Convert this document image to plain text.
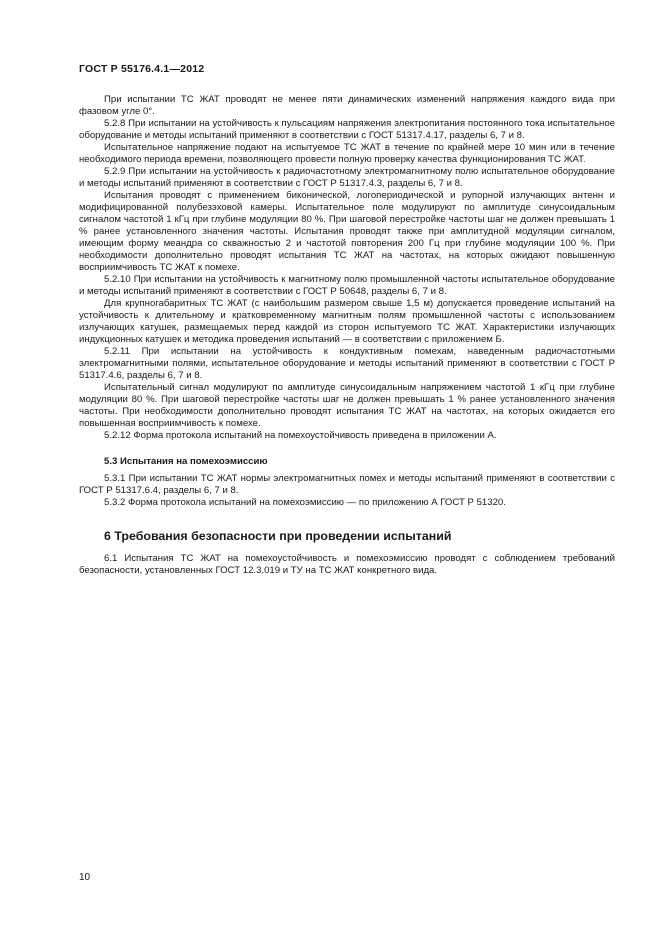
ГОСТ Р 55176.4.1—2012

При испытании ТС ЖАТ проводят не менее пяти динамических изменений напряжения каждого вида при фазовом угле 0°.

5.2.8 При испытании на устойчивость к пульсациям напряжения электропитания постоянного тока испытательное оборудование и методы испытаний применяют в соответствии с ГОСТ 51317.4.17, разделы 6, 7 и 8.

Испытательное напряжение подают на испытуемое ТС ЖАТ в течение по крайней мере 10 мин или в течение необходимого периода времени, позволяющего провести полную проверку качества функционирования ТС ЖАТ.

5.2.9 При испытании на устойчивость к радиочастотному электромагнитному полю испытательное оборудование и методы испытаний применяют в соответствии с ГОСТ Р 51317.4.3, разделы 6, 7 и 8.

Испытания проводят с применением биконической, логопериодической и рупорной излучающих антенн и модифицированной полубезэховой камеры. Испытательное поле модулируют по амплитуде синусоидальным сигналом частотой 1 кГц при глубине модуляции 80 %. При шаговой перестройке частоты шаг не должен превышать 1 % ранее установленного значения частоты. Испытания проводят также при амплитудной модуляции сигналом, имеющим форму меандра со скважностью 2 и частотой повторения 200 Гц при глубине модуляции 100 %. При необходимости дополнительно проводят испытания ТС ЖАТ на частотах, на которых ожидают повышенную восприимчивость ТС ЖАТ к помехе.

5.2.10 При испытании на устойчивость к магнитному полю промышленной частоты испытательное оборудование и методы испытаний применяют в соответствии с ГОСТ Р 50648, разделы 6, 7 и 8.

Для крупногабаритных ТС ЖАТ (с наибольшим размером свыше 1,5 м) допускается проведение испытаний на устойчивость к длительному и кратковременному магнитным полям промышленной частоты с использованием излучающих катушек, размещаемых перед каждой из сторон испытуемого ТС ЖАТ. Характеристики излучающих индукционных катушек и методика проведения испытаний — в соответствии с приложением Б.

5.2.11 При испытании на устойчивость к кондуктивным помехам, наведенным радиочастотными электромагнитными полями, испытательное оборудование и методы испытаний применяют в соответствии с ГОСТ Р 51317.4.6, разделы 6, 7 и 8.

Испытательный сигнал модулируют по амплитуде синусоидальным напряжением частотой 1 кГц при глубине модуляции 80 %. При шаговой перестройке частоты шаг не должен превышать 1 % ранее установленного значения частоты. При необходимости дополнительно проводят испытания ТС ЖАТ на частотах, на которых ожидается его повышенная восприимчивость к помехе.

5.2.12 Форма протокола испытаний на помехоустойчивость приведена в приложении А.

5.3 Испытания на помехоэмиссию

5.3.1 При испытании ТС ЖАТ нормы электромагнитных помех и методы испытаний применяют в соответствии с ГОСТ Р 51317.6.4, разделы 6, 7 и 8.

5.3.2 Форма протокола испытаний на помехоэмиссию — по приложению А ГОСТ Р 51320.

6 Требования безопасности при проведении испытаний

6.1 Испытания ТС ЖАТ на помехоустойчивость и помехоэмиссию проводят с соблюдением требований безопасности, установленных ГОСТ 12.3.019 и ТУ на ТС ЖАТ конкретного вида.

10
